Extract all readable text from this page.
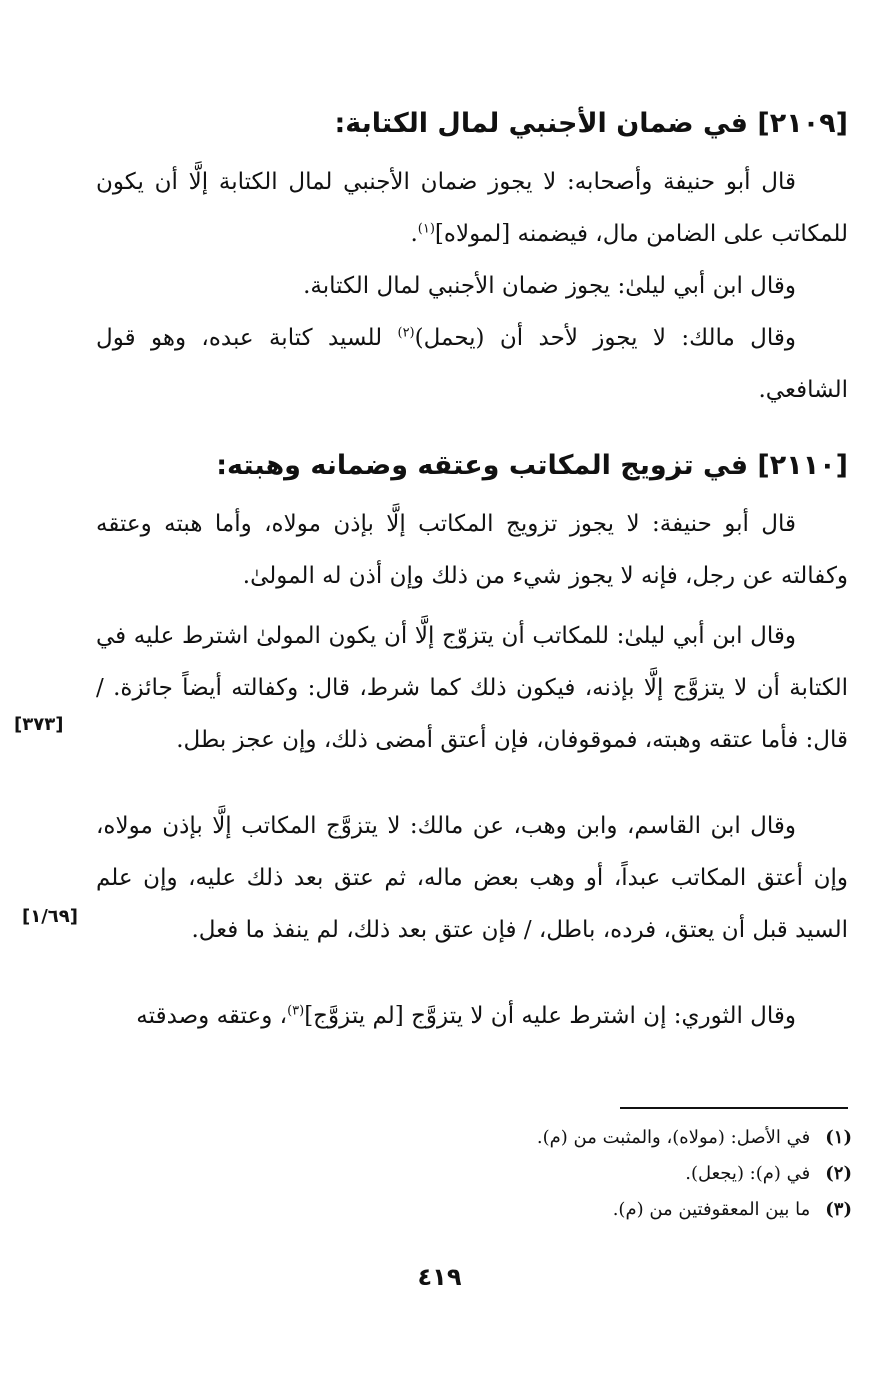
[٢١٠٩] في ضمان الأجنبي لمال الكتابة:
قال أبو حنيفة وأصحابه: لا يجوز ضمان الأجنبي لمال الكتابة إلَّا أن يكون للمكاتب على الضامن مال، فيضمنه [لمولاه]$^{(١)}$.
وقال ابن أبي ليلىٰ: يجوز ضمان الأجنبي لمال الكتابة.
وقال مالك: لا يجوز لأحد أن (يحمل)$^{(٢)}$ للسيد كتابة عبده، وهو قول الشافعي.
[٢١١٠] في تزويج المكاتب وعتقه وضمانه وهبته:
قال أبو حنيفة: لا يجوز تزويج المكاتب إلَّا بإذن مولاه، وأما هبته وعتقه وكفالته عن رجل، فإنه لا يجوز شيء من ذلك وإن أذن له المولىٰ.
وقال ابن أبي ليلىٰ: للمكاتب أن يتزوّج إلَّا أن يكون المولىٰ اشترط عليه في الكتابة أن لا يتزوَّج إلَّا بإذنه، فيكون ذلك كما شرط، قال: وكفالته أيضاً جائزة. / قال: فأما عتقه وهبته، فموقوفان، فإن أعتق أمضى ذلك، وإن عجز بطل.
وقال ابن القاسم، وابن وهب، عن مالك: لا يتزوَّج المكاتب إلَّا بإذن مولاه، وإن أعتق المكاتب عبداً، أو وهب بعض ماله، ثم عتق بعد ذلك عليه، وإن علم السيد قبل أن يعتق، فرده، باطل، / فإن عتق بعد ذلك، لم ينفذ ما فعل.
وقال الثوري: إن اشترط عليه أن لا يتزوَّج [لم يتزوَّج]$^{(٣)}$، وعتقه وصدقته
[٣٧٣]
[١/٦٩]
(١) في الأصل: (مولاه)، والمثبت من (م).
(٢) في (م): (يجعل).
(٣) ما بين المعقوفتين من (م).
٤١٩
